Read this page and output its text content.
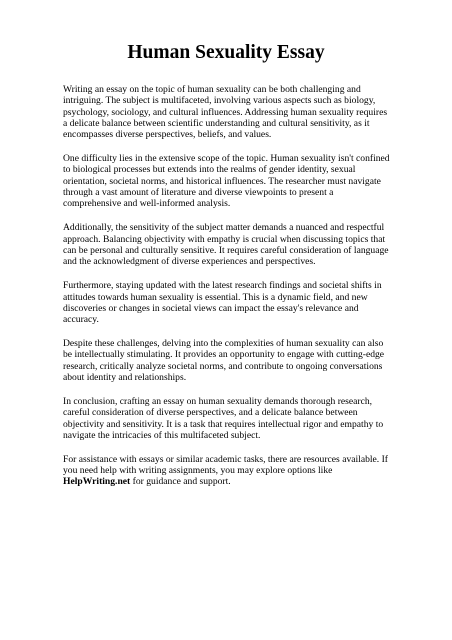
Human Sexuality Essay

Writing an essay on the topic of human sexuality can be both challenging and intriguing. The subject is multifaceted, involving various aspects such as biology, psychology, sociology, and cultural influences. Addressing human sexuality requires a delicate balance between scientific understanding and cultural sensitivity, as it encompasses diverse perspectives, beliefs, and values.

One difficulty lies in the extensive scope of the topic. Human sexuality isn't confined to biological processes but extends into the realms of gender identity, sexual orientation, societal norms, and historical influences. The researcher must navigate through a vast amount of literature and diverse viewpoints to present a comprehensive and well-informed analysis.

Additionally, the sensitivity of the subject matter demands a nuanced and respectful approach. Balancing objectivity with empathy is crucial when discussing topics that can be personal and culturally sensitive. It requires careful consideration of language and the acknowledgment of diverse experiences and perspectives.

Furthermore, staying updated with the latest research findings and societal shifts in attitudes towards human sexuality is essential. This is a dynamic field, and new discoveries or changes in societal views can impact the essay's relevance and accuracy.

Despite these challenges, delving into the complexities of human sexuality can also be intellectually stimulating. It provides an opportunity to engage with cutting-edge research, critically analyze societal norms, and contribute to ongoing conversations about identity and relationships.

In conclusion, crafting an essay on human sexuality demands thorough research, careful consideration of diverse perspectives, and a delicate balance between objectivity and sensitivity. It is a task that requires intellectual rigor and empathy to navigate the intricacies of this multifaceted subject.

For assistance with essays or similar academic tasks, there are resources available. If you need help with writing assignments, you may explore options like HelpWriting.net for guidance and support.
